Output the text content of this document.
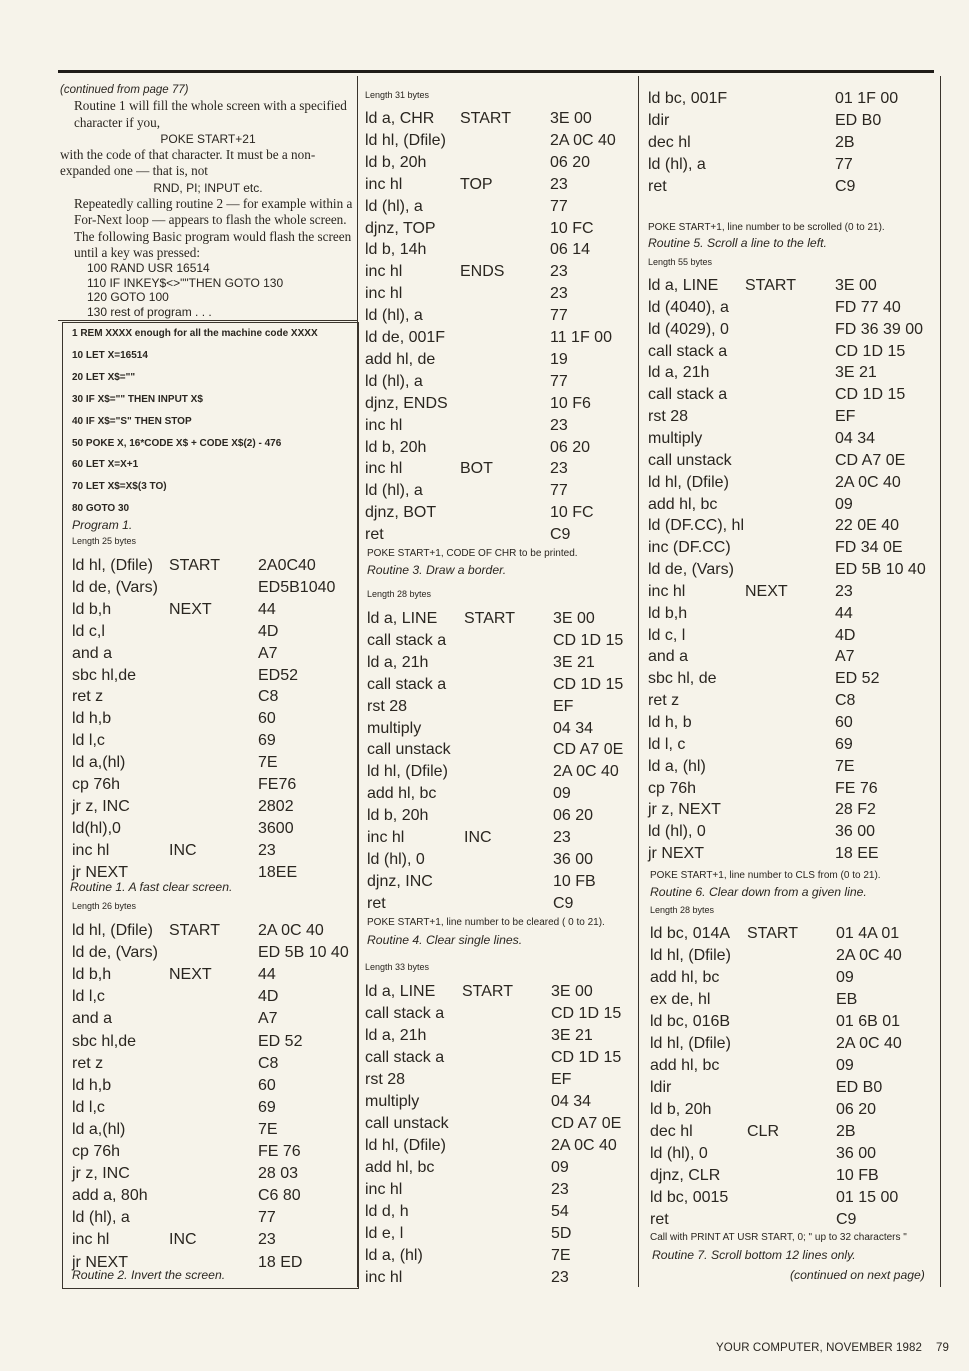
(continued from page 77)

Routine 1 will fill the whole screen with a specified character if you,

POKE START+21

with the code of that character. It must be a non-expanded one — that is, not

RND, PI; INPUT etc.

Repeatedly calling routine 2 — for example within a For-Next loop — appears to flash the whole screen. The following Basic program would flash the screen until a key was pressed:

100 RAND USR 16514

110 IF INKEY$<>""THEN GOTO 130

120 GOTO 100

130 rest of program . . .

1 REM XXXX enough for all the machine code XXXX
10 LET X=16514
20 LET X$=""
30 IF X$="" THEN INPUT X$
40 IF X$="S" THEN STOP
50 POKE X, 16*CODE X$ + CODE X$(2) - 476
60 LET X=X+1
70 LET X$=X$(3 TO)
80 GOTO 30
Program 1.
Length 25 bytes
ld hl, (Dfile) START 2A0C40
ld de, (Vars)	ED5B1040
ld b,h	NEXT	44
ld c,l	4D
and a	A7
sbc hl,de	ED52
ret z	C8
ld h,b	60
ld l,c	69
ld a,(hl)	7E
cp 76h	FE76
jr z, INC	2802
ld(hl),0	3600
inc hl	INC	23
jr NEXT	18EE
Routine 1. A fast clear screen.
Length 26 bytes
ld hl, (Dfile) START 2A 0C 40
ld de, (Vars)	ED 5B 10 40
ld b,h	NEXT	44
ld l,c	4D
and a	A7
sbc hl,de	ED 52
ret z	C8
ld h,b	60
ld l,c	69
ld a,(hl)	7E
cp 76h	FE 76
jr z, INC	28 03
add a, 80h	C6 80
ld (hl), a	77
inc hl	INC	23
jr NEXT	18 ED
Routine 2. Invert the screen.
Length 31 bytes
ld a, CHR START 3E 00
ld hl, (Dfile)	2A 0C 40
ld b, 20h	06 20
inc hl	TOP	23
ld (hl), a	77
djnz, TOP	10 FC
ld b, 14h	06 14
inc hl	ENDS	23
inc hl	23
ld (hl), a	77
ld de, 001F	11 1F 00
add hl, de	19
ld (hl), a	77
djnz, ENDS	10 F6
inc hl	23
ld b, 20h	06 20
inc hl	BOT	23
ld (hl), a	77
djnz, BOT	10 FC
ret	C9
POKE START+1, CODE OF CHR to be printed.
Routine 3. Draw a border.
Length 28 bytes
ld a, LINE START 3E 00
call stack a	CD 1D 15
ld a, 21h	3E 21
call stack a	CD 1D 15
rst 28	EF
multiply	04 34
call unstack	CD A7 0E
ld hl, (Dfile)	2A 0C 40
add hl, bc	09
ld b, 20h	06 20
inc hl	INC	23
ld (hl), 0	36 00
djnz, INC	10 FB
ret	C9
POKE START+1, line number to be cleared ( 0 to 21).
Routine 4. Clear single lines.
Length 33 bytes
ld a, LINE START 3E 00
call stack a	CD 1D 15
ld a, 21h	3E 21
call stack a	CD 1D 15
rst 28	EF
multiply	04 34
call unstack	CD A7 0E
ld hl, (Dfile)	2A 0C 40
add hl, bc	09
inc hl	23
ld d, h	54
ld e, l	5D
ld a, (hl)	7E
inc hl	23
ld bc, 001F	01 1F 00
ldir	ED B0
dec hl	2B
ld (hl), a	77
ret	C9
POKE START+1, line number to be scrolled (0 to 21).
Routine 5. Scroll a line to the left.
Length 55 bytes
ld a, LINE START 3E 00
ld (4040), a	FD 77 40
ld (4029), 0	FD 36 39 00
call stack a	CD 1D 15
ld a, 21h	3E 21
call stack a	CD 1D 15
rst 28	EF
multiply	04 34
call unstack	CD A7 0E
ld hl, (Dfile)	2A 0C 40
add hl, bc	09
ld (DF.CC), hl	22 0E 40
inc (DF.CC)	FD 34 0E
ld de, (Vars)	ED 5B 10 40
inc hl	NEXT	23
ld b,h	44
ld c, l	4D
and a	A7
sbc hl, de	ED 52
ret z	C8
ld h, b	60
ld l, c	69
ld a, (hl)	7E
cp 76h	FE 76
jr z, NEXT	28 F2
ld (hl), 0	36 00
jr NEXT	18 EE
POKE START+1, line number to CLS from (0 to 21).
Routine 6. Clear down from a given line.
Length 28 bytes
ld bc, 014A START 01 4A 01
ld hl, (Dfile)	2A 0C 40
add hl, bc	09
ex de, hl	EB
ld bc, 016B	01 6B 01
ld hl, (Dfile)	2A 0C 40
add hl, bc	09
ldir	ED B0
ld b, 20h	06 20
dec hl	CLR	2B
ld (hl), 0	36 00
djnz, CLR	10 FB
ld bc, 0015	01 15 00
ret	C9
Call with PRINT AT USR START, 0; " up to 32 characters "
Routine 7. Scroll bottom 12 lines only.
(continued on next page)
YOUR COMPUTER, NOVEMBER 1982 79
